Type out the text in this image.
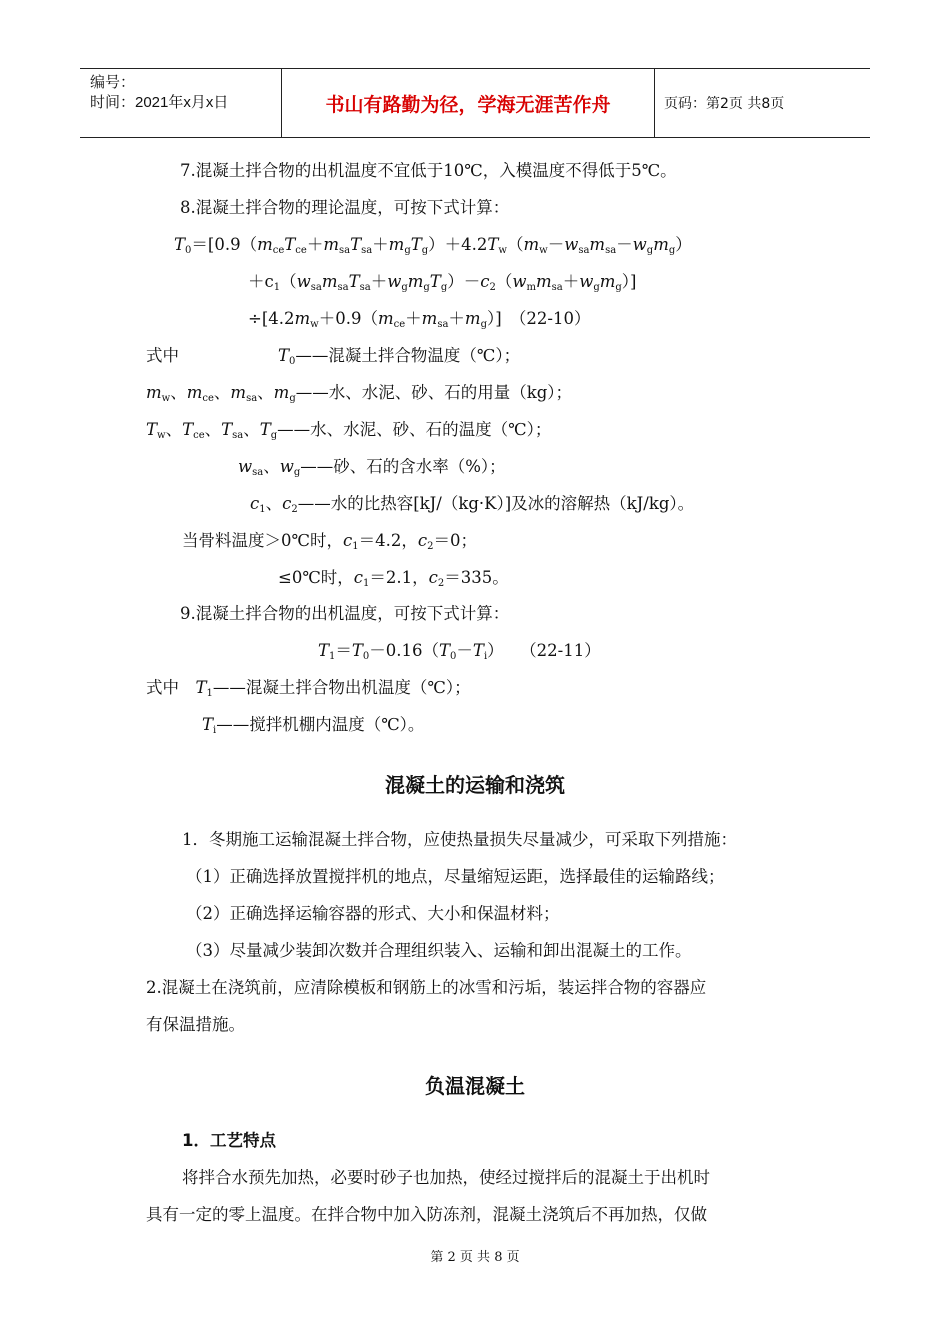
编号：
时间：2021年x月x日	书山有路勤为径，学海无涯苦作舟	页码：第2页 共8页
7.混凝土拌合物的出机温度不宜低于10℃，入模温度不得低于5℃。
8.混凝土拌合物的理论温度，可按下式计算：
$T_0=[0.9(m_{ce}T_{ce}+m_{sa}T_{sa}+m_gT_g)+4.2T_w(m_w-w_{sa}m_{sa}-w_gm_g)$
$+c_1(w_{sa}m_{sa}T_{sa}+w_gm_gT_g)-c_2(w_mm_{sa}+w_gm_g)$]
$\div[4.2m_w+0.9(m_{ce}+m_{sa}+m_g)]$　（22-10）
式中	$T_0——$混凝土拌合物温度（℃）；
$m_w$、$m_{ce}$、$m_{sa}$、$m_g——$水、水泥、砂、石的用量（kg）；
$T_w$、$T_{ce}$、$T_{sa}$、$T_g——$水、水泥、砂、石的温度（℃）；
$w_{sa}$、$w_g——$砂、石的含水率（%）；
$c_1$、$c_2——$水的比热容[kJ/（kg·K）]及冰的溶解热（kJ/kg）。
当骨料温度＞0℃时，$c_1=4.2$，$c_2=0$；
≤0℃时，$c_1=2.1$，$c_2=335$。
9.混凝土拌合物的出机温度，可按下式计算：
$T_1=T_0-0.16(T_0-T_i)$　　（22-11）
式中　 $T_1——$混凝土拌合物出机温度（℃）；
$T_i——$搅拌机棚内温度（℃）。
混凝土的运输和浇筑
1．冬期施工运输混凝土拌合物，应使热量损失尽量减少，可采取下列措施：
（1）正确选择放置搅拌机的地点，尽量缩短运距，选择最佳的运输路线；
（2）正确选择运输容器的形式、大小和保温材料；
（3）尽量减少装卸次数并合理组织装入、运输和卸出混凝土的工作。
2.混凝土在浇筑前，应清除模板和钢筋上的冰雪和污垢，装运拌合物的容器应
有保温措施。
负温混凝土
1．工艺特点
将拌合水预先加热，必要时砂子也加热，使经过搅拌后的混凝土于出机时
具有一定的零上温度。在拌合物中加入防冻剂，混凝土浇筑后不再加热，仅做
第 2 页 共 8 页
